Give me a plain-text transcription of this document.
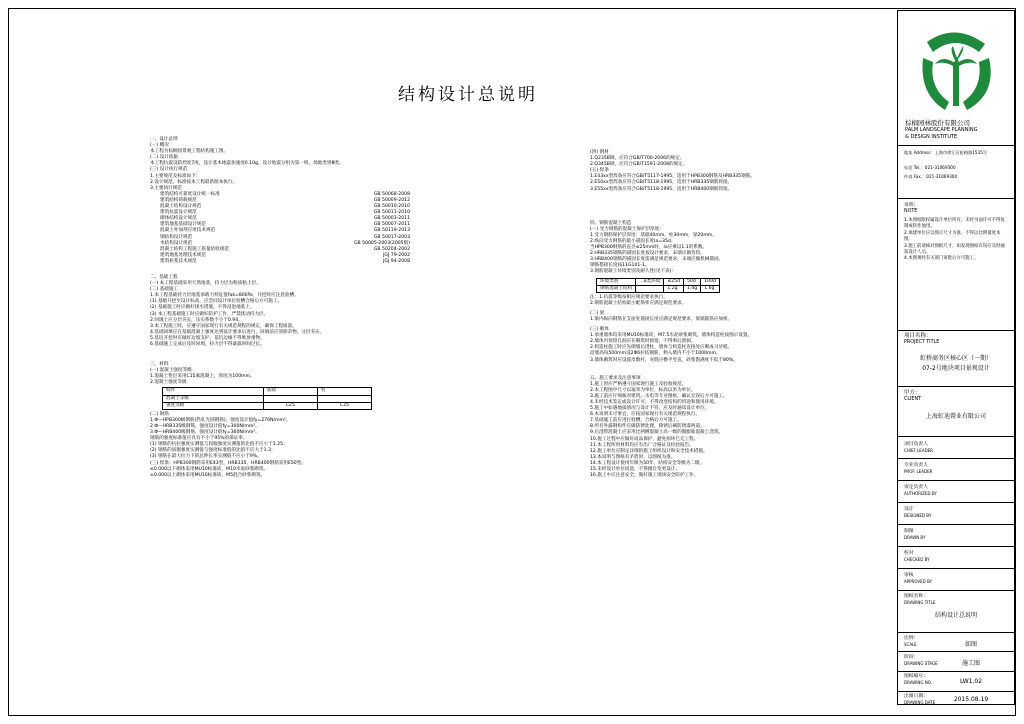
结构设计总说明
一、设计总则
(一) 概况
本工程为棕榈园景观工程结构施工图。
(二) 设计依据
本工程抗震设防烈度7度，设计基本地震加速度0.10g，设计地震分组为第一组，场地类别Ⅲ类。
(三) 设计执行规范
1.主要规范及标准如下：
2.设计规范、标准按本工程最新版本执行。
3.主要执行规范
建筑结构可靠度设计统一标准	GB 50068-2008
建筑结构荷载规范	GB 50009-2012
混凝土结构设计规范	GB 50010-2010
建筑抗震设计规范	GB 50011-2010
砌体结构设计规范	GB 50003-2011
建筑地基基础设计规范	GB 50007-2011
混凝土外加剂应用技术规范	GB 50119-2013
钢结构设计规范	GB 50017-2003
木结构设计规范	GB 50005-2003(2005版)
混凝土结构工程施工质量验收规范	GB 50204-2002
建筑地基处理技术规范	JGJ 79-2002
建筑桩基技术规范	JGJ 94-2008
二、基础工程
(一) 本工程基础采用天然地基，持力层为粉质粘土层。
(二) 基础施工
1.本工程基础持力层地基承载力特征值fak=80kPa，开挖时应注意验槽。
(1) 基础开挖至设计标高，应会同设计单位验槽合格后方可施工。
(2) 基础施工时应做好排水措施，不得浸泡地基土。
(3) 本工程基础施工时应做好防护工作，严禁扰动持力层。
2.回填土应分层夯实，压实系数不小于0.94。
3.本工程施工时，应遵守国家现行有关规范规程的规定，确保工程质量。
4.基础回填应在基础混凝土强度达到设计要求后进行，回填前应清除杂物，分层夯实。
5.基坑开挖时应做好边坡支护，基坑边缘不得堆放重物。
6.基础施工完成后及时回填，持力层不得暴露时间过长。
三、材料
(一) 混凝土强度等级
1.混凝土垫层采用C15素混凝土，厚度为100mm。
2.混凝土强度等级
构件	基础	柱
混凝土等级		
强度等级	C25	C25
(二) 钢筋
1.Φ—HPB300级钢筋(热轧光圆钢筋)，强度设计值fy=270N/mm²。
2.Φ—HRB335级钢筋，强度设计值fy=300N/mm²。
3.Φ—HRB400级钢筋，强度设计值fy=360N/mm²。
钢筋的强度标准值应具有不小于95%的保证率。
(1) 钢筋的抗拉强度实测值与屈服强度实测值的比值不应小于1.25；
(2) 钢筋的屈服强度实测值与强度标准值的比值不应大于1.3；
(3) 钢筋在最大拉力下的总伸长率实测值不应小于9%。
(三) 焊条：HPB300钢筋采用E43型，HRB335、HRB400钢筋采用E50型。
≤0.000以下砌体采用MU10标准砖，M10水泥砂浆砌筑。
±0.000以上砌体采用MU10标准砖，M5混合砂浆砌筑。
(四) 钢材
1.Q235B钢，应符合GB/T700-2006的规定。
2.Q345B钢，应符合GB/T1591-2008的规定。
(五) 焊条
1.E43xx型焊条应符合GB/T5117-1995，适用于HPB300钢筋及HRB335钢筋。
2.E50xx型焊条应符合GB/T5118-1995，适用于HRB335钢筋焊接。
3.E55xx型焊条应符合GB/T5118-1995，适用于HRB400钢筋焊接。
四、钢筋混凝土构造
(一) 受力钢筋的混凝土保护层厚度：
1.受力钢筋保护层厚度：基础40mm，柱30mm，梁20mm。
2.纵向受力钢筋的最小锚固长度la=35d。
当HPB300钢筋的直径≤25mm时，la应乘以1.1的系数。
2.HRB335钢筋的锚固长度按设计要求，末端应做弯钩。
3.HRB400钢筋的锚固长度需满足规范要求，末端应做机械锚固。
钢筋搭接长度按11G101-1。
3.钢筋混凝土环境类别及耐久性(见下表)：
环境类别	二a类环境	≤25d	50d	100d
钢筋混凝土结构		1.2g	1.4g	1.6g
注：1.抗震等级按相应规范要求执行。
2.钢筋混凝土结构最小配筋率应满足规范要求。
(二) 梁
1.梁内纵向钢筋在支座处锚固长度应满足规范要求，梁端箍筋应加密。
(三) 砌体
1.承重墙体均采用MU10标准砖，M7.5水泥砂浆砌筑，墙体构造柱按图示设置。
2.墙体内预留孔洞应在砌筑时预留，不得事后凿洞。
2.构造柱施工时应先砌墙后浇柱，墙体与构造柱连接处应砌成马牙槎。
沿墙高每500mm设2Φ6拉结钢筋，伸入墙内不小于1000mm。
3.墙体砌筑时应设置皮数杆，灰缝应横平竖直，砂浆饱满度不低于80%。
五、施工要求及注意事项
1.施工时应严格遵守国家现行施工及验收规范。
2.本工程图中尺寸以毫米为单位，标高以米为单位。
3.施工前应仔细核对建筑、水电等专业图纸，确认无误后方可施工。
4.未经技术鉴定或设计许可，不得改变结构的用途和使用环境。
5.施工中如遇地质情况与设计不符，应及时通知设计单位。
6.本说明未尽事宜，应按国家现行有关规范规程执行。
7.基础施工前应进行验槽，合格后方可施工。
8.所有外露钢构件应做防锈处理，除锈后刷防锈漆两道。
9.后浇带混凝土应采用比两侧混凝土高一级的微膨胀混凝土浇筑。
10.施工过程中应做好成品保护，避免损坏已完工程。
11.本工程所用材料均应有出厂合格证及检验报告。
12.施工单位应制定详细的施工组织设计和安全技术措施。
13.本说明与图纸有矛盾时，以图纸为准。
14.本工程设计使用年限为50年，结构安全等级为二级。
15.未经设计单位同意，不得擅自变更设计。
16.施工中应注意安全，做好施工现场安全防护工作。
棕榈园林股份有限公司
PALM LANDSCAPE PLANNING
& DESIGN INSTITUTE
地址 Address：上海市徐汇区虹梅路1535号
电话 Tel.：021-31069300
传真 Fax.：021-31069300
说明：
NOTE
1.本图纸版权属设计单位所有，未经书面许可不得复制或转作他用。
2.承建单位应以图示尺寸为准，不得以比例量度本图。
3.施工前请核对图纸尺寸，如发现图纸有误应及时通知设计人员。
4.本图须经有关部门审批后方可施工。
项目名称：
PROJECT TITLE
虹桥商务区核心区（一期）
07-2号地块项目景观设计
甲方：
CLIENT
上海虹迪置业有限公司
项目负责人
CHIEF LEADER
专业负责人
PROF. LEADER
审定负责人
AUTHORIZED BY
设计
DESIGNED BY
制图
DRAWN BY
校对
CHECKED BY
审核
APPROVED BY
图纸名称：
DRAWING TITLE
结构设计总说明
比例：
SCALE	如图
阶段：
DRAWING STAGE	施工图
图纸编号：
DRAWING NO.	LW1.02
出图日期：
DRAWING DATE	2015.08.19
